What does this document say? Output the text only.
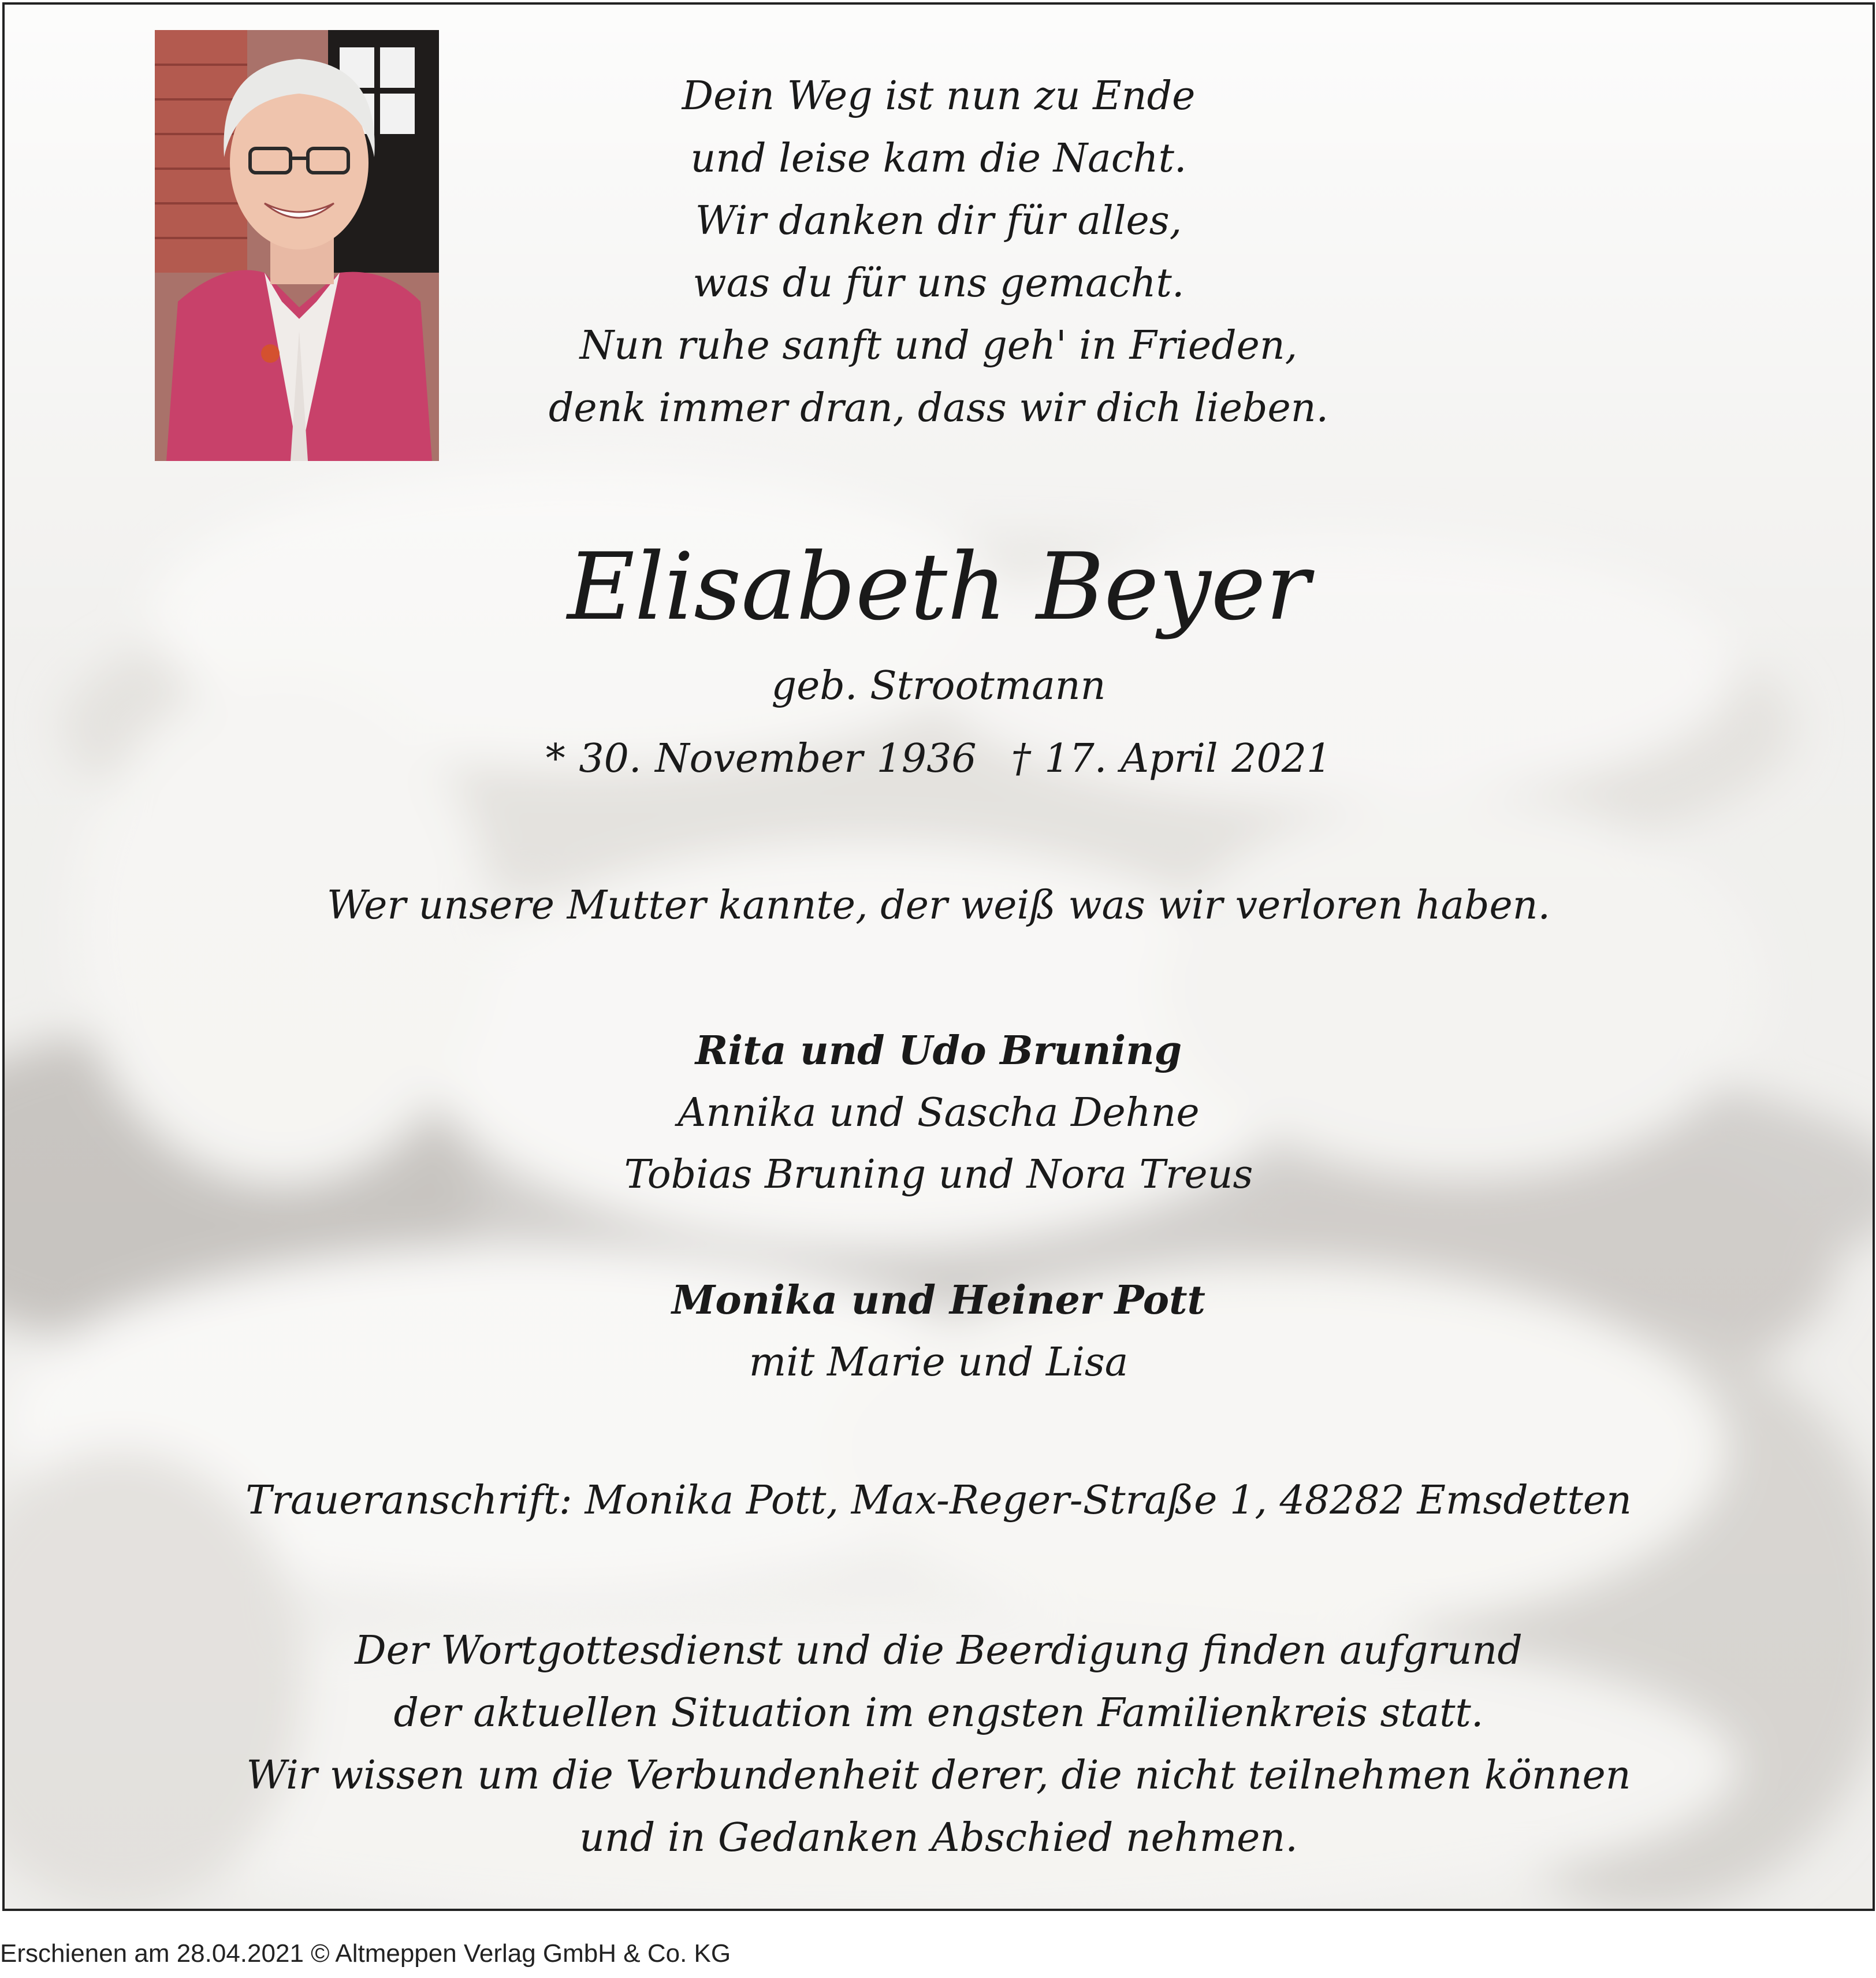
Dein Weg ist nun zu Ende
und leise kam die Nacht.
Wir danken dir für alles,
was du für uns gemacht.
Nun ruhe sanft und geh' in Frieden,
denk immer dran, dass wir dich lieben.
Elisabeth Beyer
geb. Strootmann
* 30. November 1936 † 17. April 2021
Wer unsere Mutter kannte, der weiß was wir verloren haben.
Rita und Udo Bruning
Annika und Sascha Dehne
Tobias Bruning und Nora Treus
Monika und Heiner Pott
mit Marie und Lisa
Traueranschrift: Monika Pott, Max-Reger-Straße 1, 48282 Emsdetten
Der Wortgottesdienst und die Beerdigung finden aufgrund
der aktuellen Situation im engsten Familienkreis statt.
Wir wissen um die Verbundenheit derer, die nicht teilnehmen können
und in Gedanken Abschied nehmen.
Erschienen am 28.04.2021 © Altmeppen Verlag GmbH & Co. KG
